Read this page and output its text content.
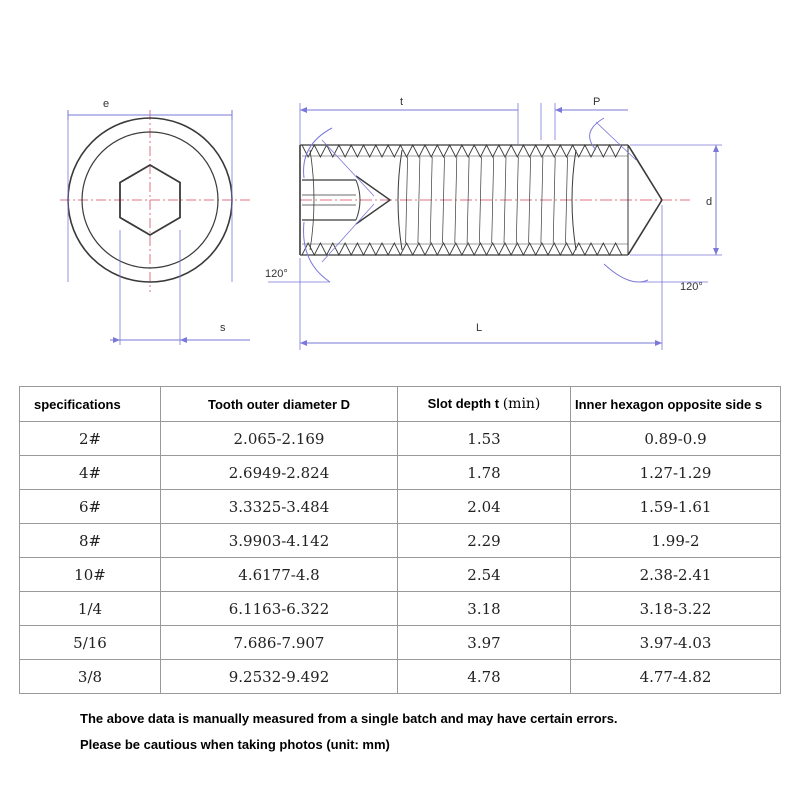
e
s
t	P
d
L
120°
120°
specifications	Tooth outer diameter D	Slot depth t (min)	Inner hexagon opposite side s
2#	2.065-2.169	1.53	0.89-0.9
4#	2.6949-2.824	1.78	1.27-1.29
6#	3.3325-3.484	2.04	1.59-1.61
8#	3.9903-4.142	2.29	1.99-2
10#	4.6177-4.8	2.54	2.38-2.41
1/4	6.1163-6.322	3.18	3.18-3.22
5/16	7.686-7.907	3.97	3.97-4.03
3/8	9.2532-9.492	4.78	4.77-4.82
The above data is manually measured from a single batch and may have certain errors.
Please be cautious when taking photos (unit: mm)
